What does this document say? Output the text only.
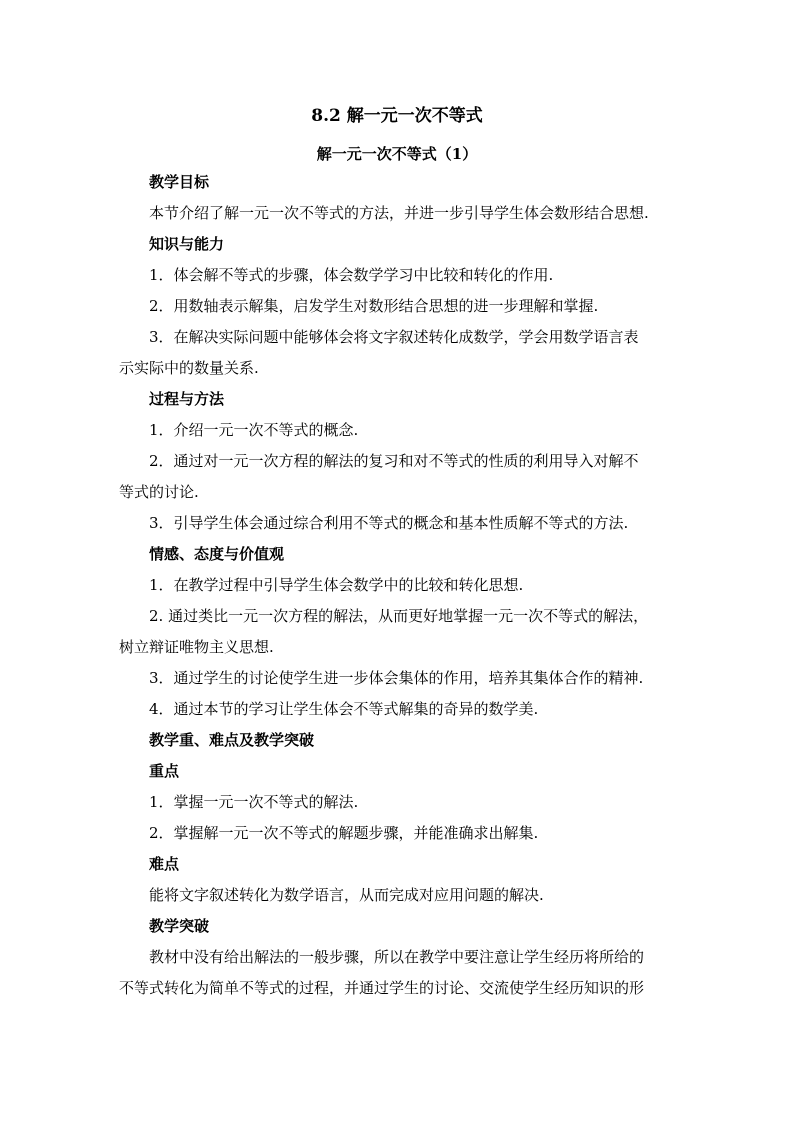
8.2 解一元一次不等式
解一元一次不等式（1）
教学目标
本节介绍了解一元一次不等式的方法，并进一步引导学生体会数形结合思想.
知识与能力
1．体会解不等式的步骤，体会数学学习中比较和转化的作用.
2．用数轴表示解集，启发学生对数形结合思想的进一步理解和掌握.
3．在解决实际问题中能够体会将文字叙述转化成数学，学会用数学语言表
示实际中的数量关系.
过程与方法
1．介绍一元一次不等式的概念.
2．通过对一元一次方程的解法的复习和对不等式的性质的利用导入对解不
等式的讨论.
3．引导学生体会通过综合利用不等式的概念和基本性质解不等式的方法.
情感、态度与价值观
1．在教学过程中引导学生体会数学中的比较和转化思想.
2. 通过类比一元一次方程的解法，从而更好地掌握一元一次不等式的解法，
树立辩证唯物主义思想.
3．通过学生的讨论使学生进一步体会集体的作用，培养其集体合作的精神.
4．通过本节的学习让学生体会不等式解集的奇异的数学美.
教学重、难点及教学突破
重点
1．掌握一元一次不等式的解法.
2．掌握解一元一次不等式的解题步骤，并能准确求出解集.
难点
能将文字叙述转化为数学语言，从而完成对应用问题的解决.
教学突破
教材中没有给出解法的一般步骤，所以在教学中要注意让学生经历将所给的
不等式转化为简单不等式的过程，并通过学生的讨论、交流使学生经历知识的形
